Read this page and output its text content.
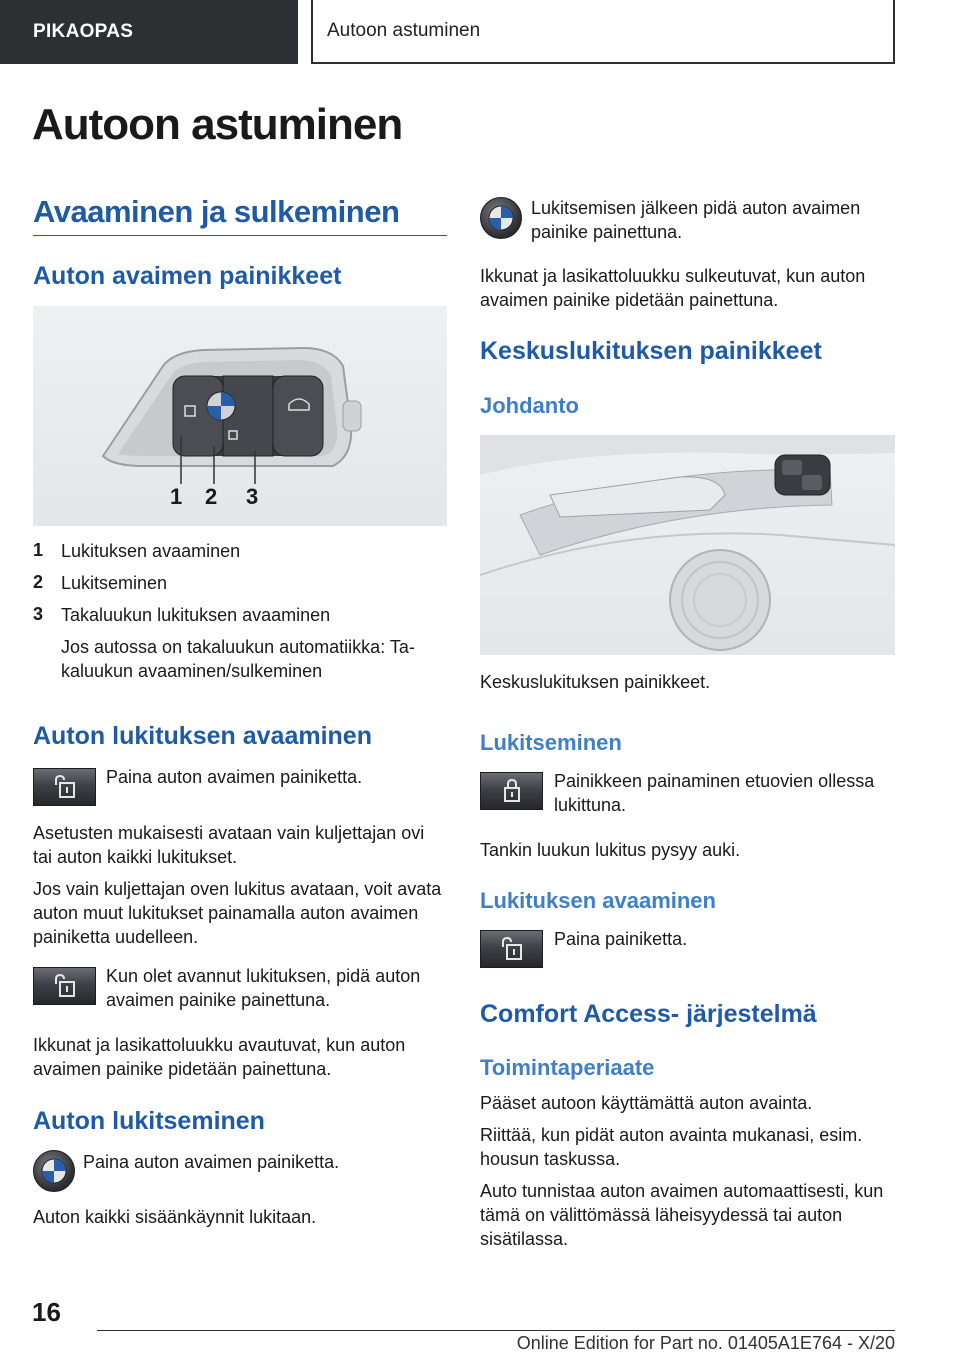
PIKAOPAS	Autoon astuminen
Autoon astuminen
Avaaminen ja sulkeminen
Auton avaimen painikkeet
1 2 3
1 Lukituksen avaaminen

2 Lukitseminen

3 Takaluukun lukituksen avaaminen

Jos autossa on takaluukun automatiikka: Ta-kaluukun avaaminen/sulkeminen

Auton lukituksen avaaminen

Paina auton avaimen painiketta.

Asetusten mukaisesti avataan vain kuljettajan ovi tai auton kaikki lukitukset.

Jos vain kuljettajan oven lukitus avataan, voit avata auton muut lukitukset painamalla auton avaimen painiketta uudelleen.

Kun olet avannut lukituksen, pidä auton avaimen painike painettuna.

Ikkunat ja lasikattoluukku avautuvat, kun auton avaimen painike pidetään painettuna.

Auton lukitseminen

Paina auton avaimen painiketta.

Auton kaikki sisäänkäynnit lukitaan.

Lukitsemisen jälkeen pidä auton avaimen painike painettuna.

Ikkunat ja lasikattoluukku sulkeutuvat, kun auton avaimen painike pidetään painettuna.

Keskuslukituksen painikkeet
Johdanto

Keskuslukituksen painikkeet.

Lukitseminen

Painikkeen painaminen etuovien ollessa lukittuna.

Tankin luukun lukitus pysyy auki.

Lukituksen avaaminen

Paina painiketta.

Comfort Access- järjestelmä
Toimintaperiaate

Pääset autoon käyttämättä auton avainta.

Riittää, kun pidät auton avainta mukanasi, esim. housun taskussa.

Auto tunnistaa auton avaimen automaattisesti, kun tämä on välittömässä läheisyydessä tai auton sisätilassa.

16
Online Edition for Part no. 01405A1E764 - X/20
